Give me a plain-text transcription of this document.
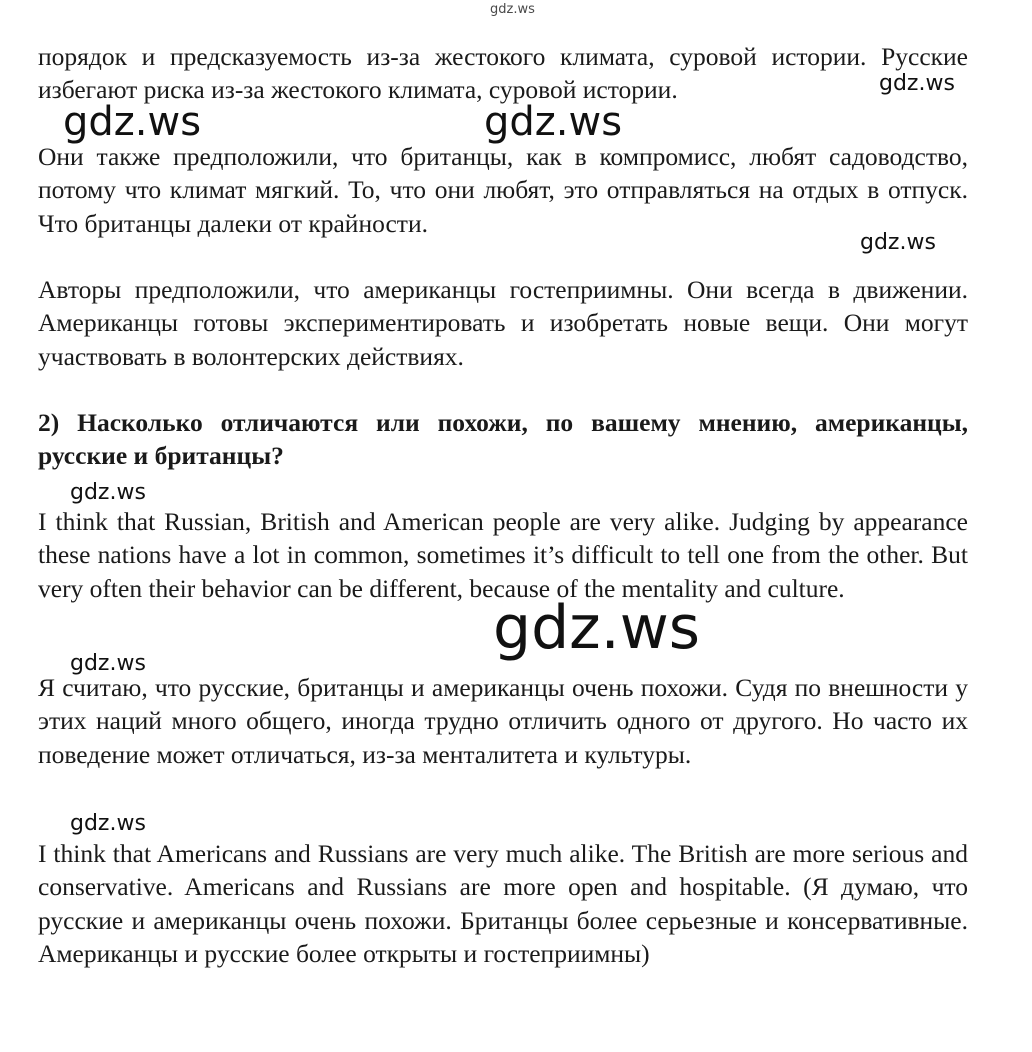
gdz.ws

порядок и предсказуемость из-за жестокого климата, суровой истории. Русские избегают риска из-за жестокого климата, суровой истории.	gdz.ws
gdz.ws	gdz.ws

Они также предположили, что британцы, как в компромисс, любят садоводство, потому что климат мягкий. То, что они любят, это отправляться на отдых в отпуск. Что британцы далеки от крайности.

gdz.ws

Авторы предположили, что американцы гостеприимны. Они всегда в движении. Американцы готовы экспериментировать и изобретать новые вещи. Они могут участвовать в волонтерских действиях.

2) Насколько отличаются или похожи, по вашему мнению, американцы, русские и британцы?

gdz.ws

I think that Russian, British and American people are very alike. Judging by appearance these nations have a lot in common, sometimes it’s difficult to tell one from the other. But very often their behavior can be different, because of the mentality and culture.

gdz.ws
gdz.ws

Я считаю, что русские, британцы и американцы очень похожи. Судя по внешности у этих наций много общего, иногда трудно отличить одного от другого. Но часто их поведение может отличаться, из-за менталитета и культуры.

gdz.ws

I think that Americans and Russians are very much alike. The British are more serious and conservative. Americans and Russians are more open and hospitable. (Я думаю, что русские и американцы очень похожи. Британцы более серьезные и консервативные. Американцы и русские более открыты и гостеприимны)
